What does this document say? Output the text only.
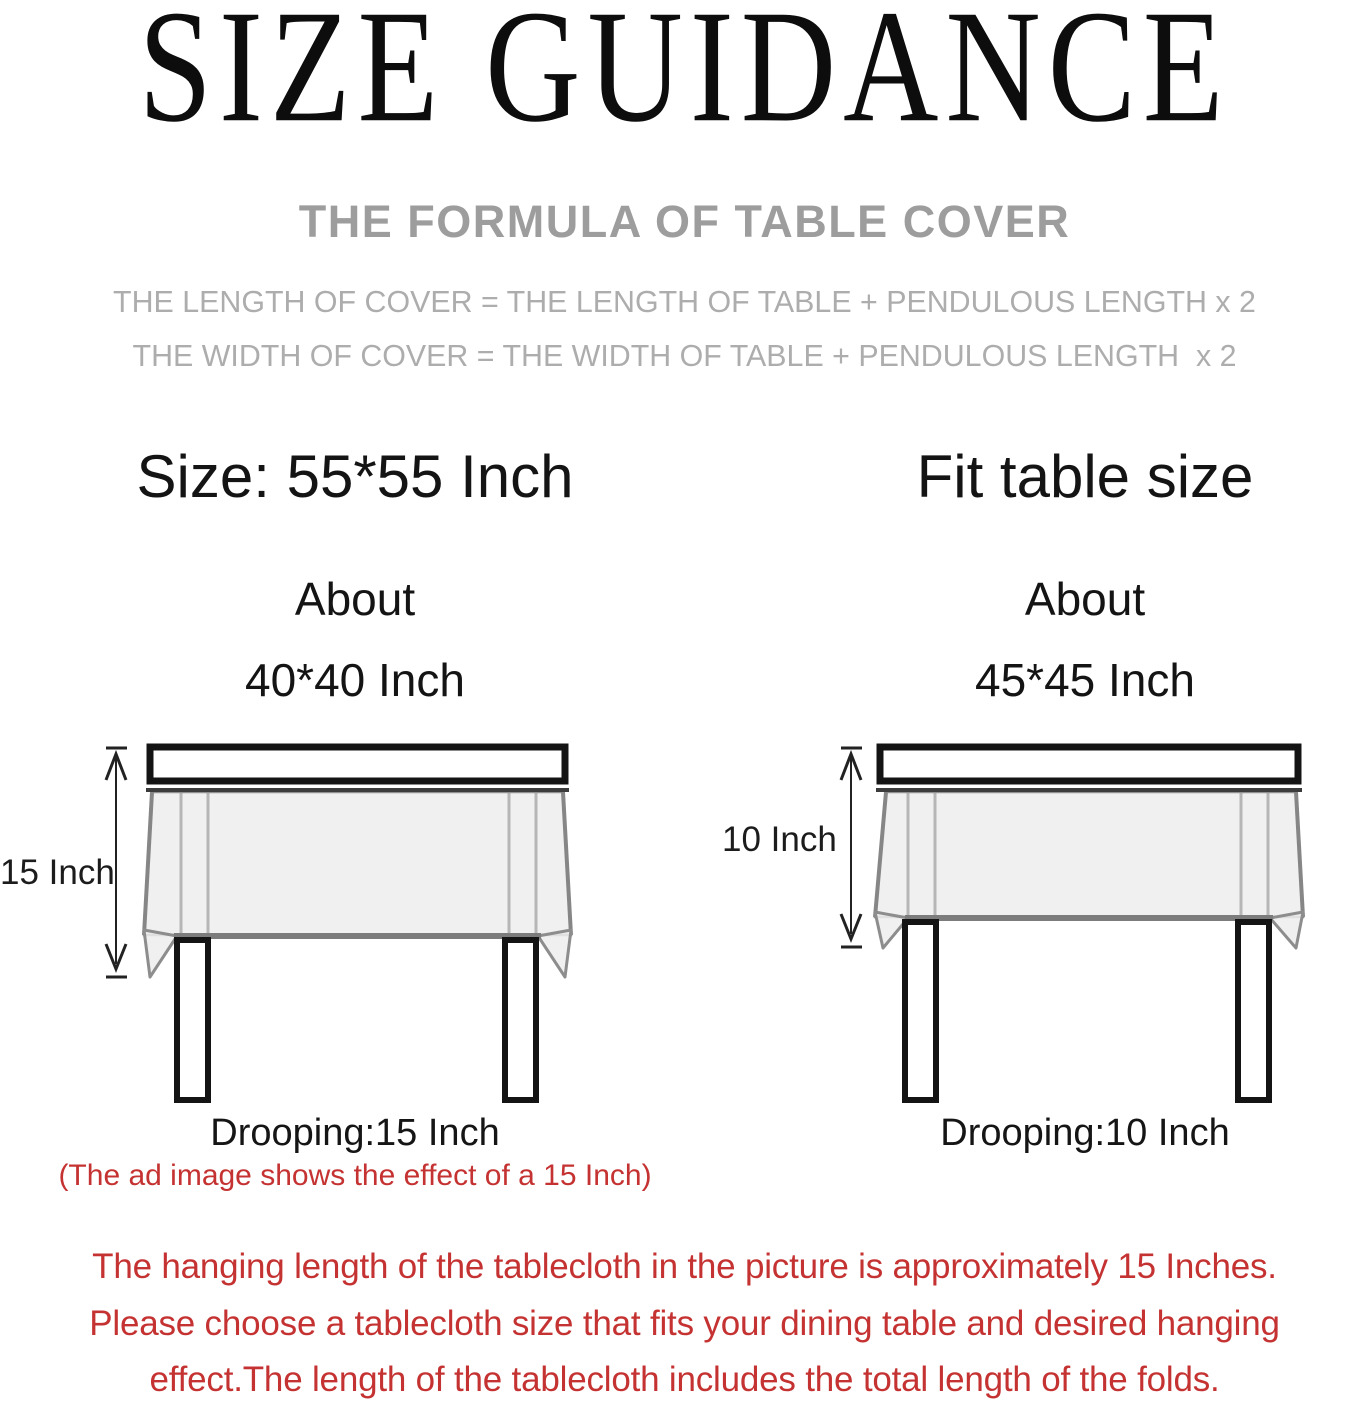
SIZE GUIDANCE
THE FORMULA OF TABLE COVER
THE LENGTH OF COVER = THE LENGTH OF TABLE + PENDULOUS LENGTH x 2
THE WIDTH OF COVER = THE WIDTH OF TABLE + PENDULOUS LENGTH  x 2
Size: 55*55 Inch	Fit table size
About	About
40*40 Inch	45*45 Inch
15 Inch
10 Inch
Drooping:15 Inch	Drooping:10 Inch
(The ad image shows the effect of a 15 Inch)
The hanging length of the tablecloth in the picture is approximately 15 Inches.
Please choose a tablecloth size that fits your dining table and desired hanging
effect.The length of the tablecloth includes the total length of the folds.
